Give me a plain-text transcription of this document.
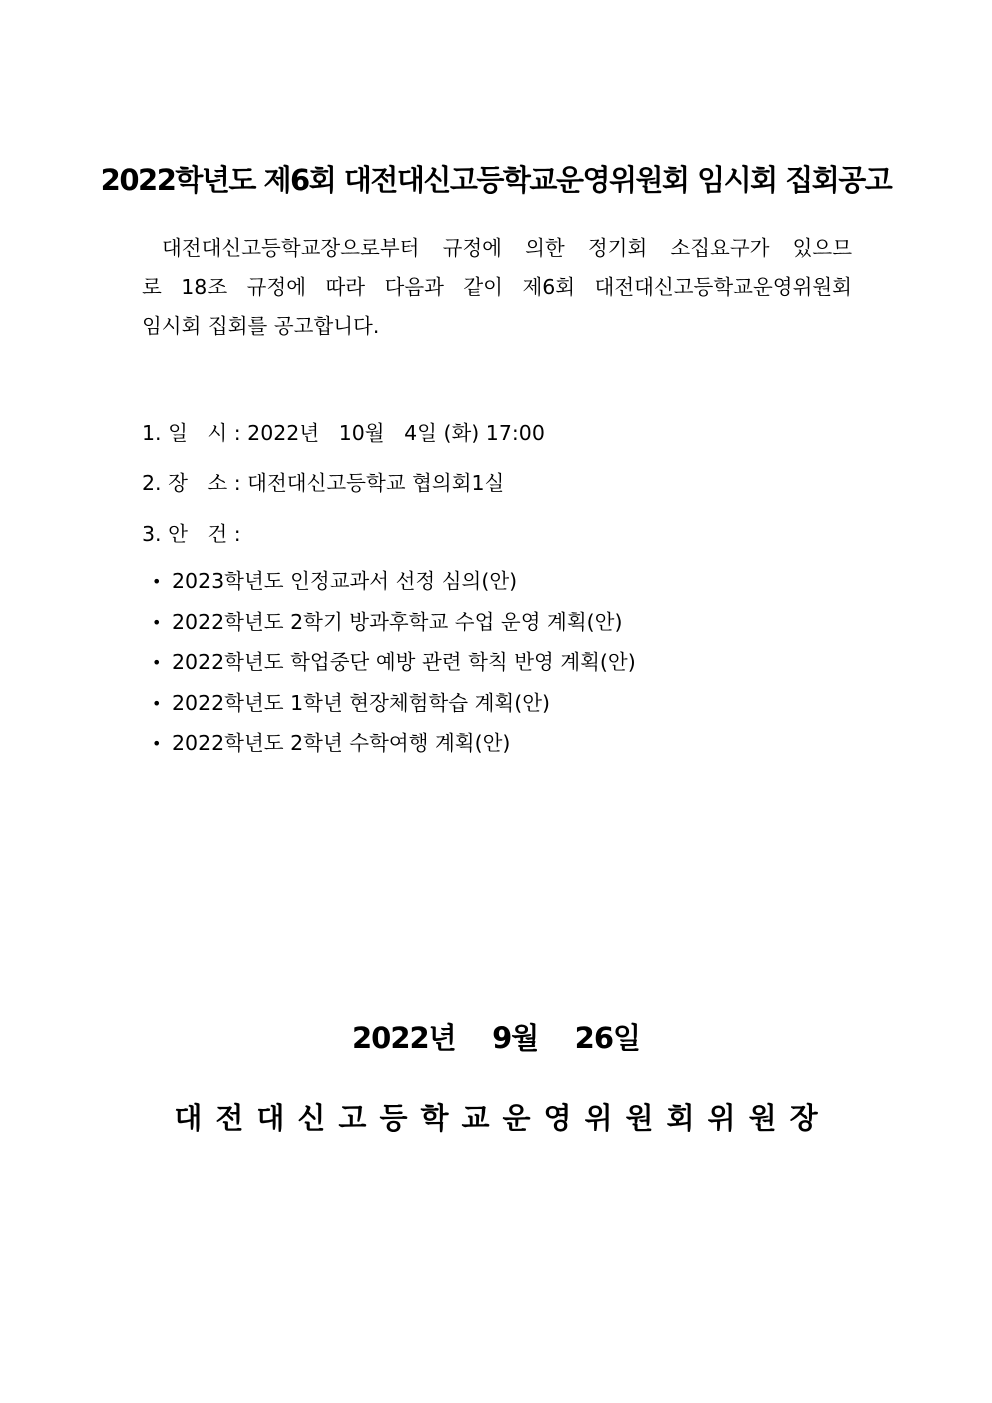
2022학년도 제6회 대전대신고등학교운영위원회 임시회 집회공고
대전대신고등학교장으로부터 규정에 의한 정기회 소집요구가 있으므
로 18조 규정에 따라 다음과 같이 제6회 대전대신고등학교운영위원회
임시회 집회를 공고합니다.
1. 일   시 : 2022년   10월   4일 (화) 17:00
2. 장   소 : 대전대신고등학교 협의회1실
3. 안   건 :
• 2023학년도 인정교과서 선정 심의(안)
• 2022학년도 2학기 방과후학교 수업 운영 계획(안)
• 2022학년도 학업중단 예방 관련 학칙 반영 계획(안)
• 2022학년도 1학년 현장체험학습 계획(안)
• 2022학년도 2학년 수학여행 계획(안)
2022년    9월    26일
대전대신고등학교운영위원회위원장
